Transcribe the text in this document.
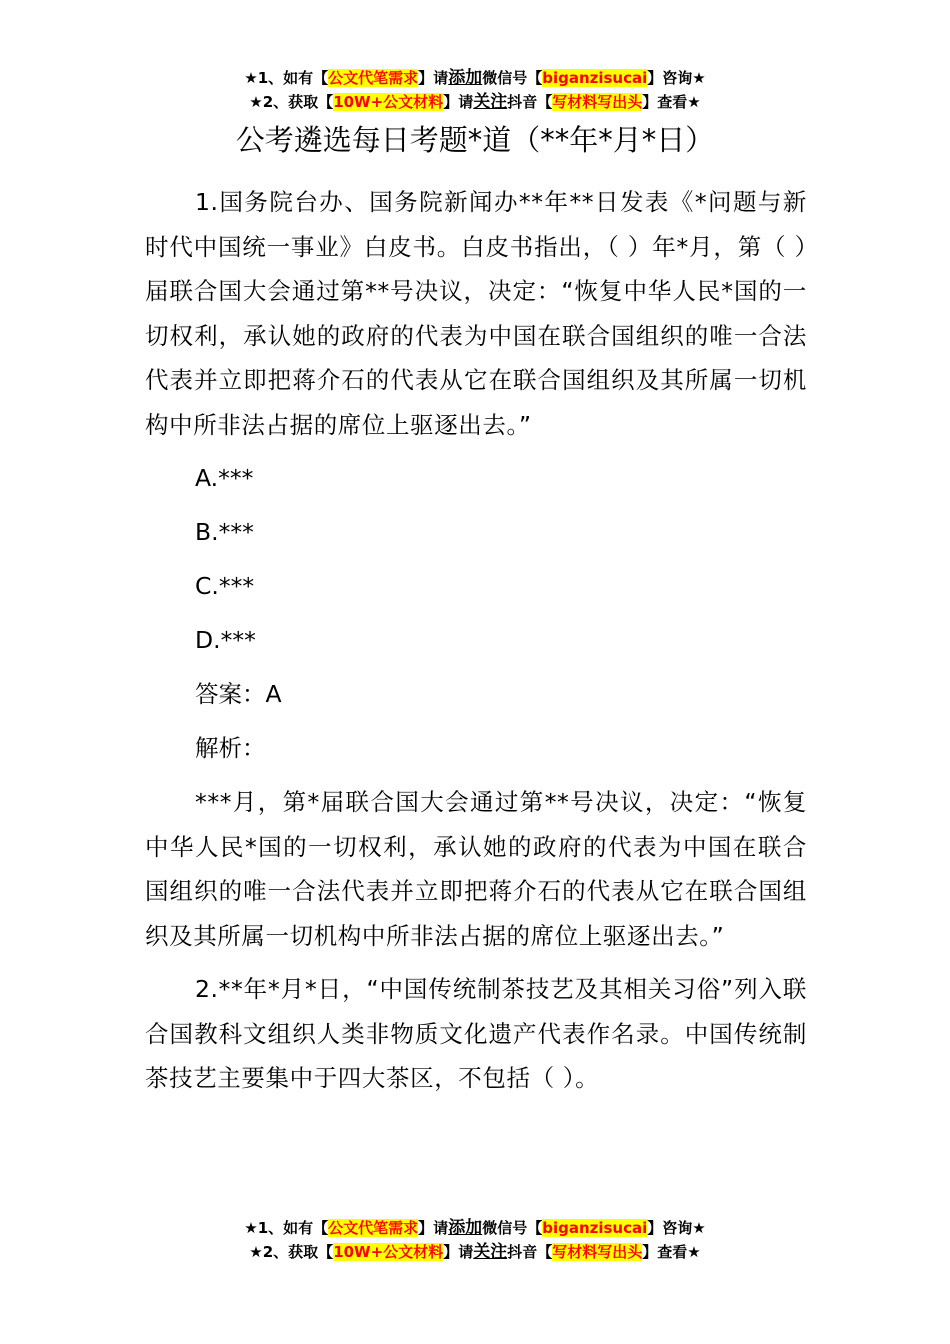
★1、如有【公文代笔需求】请添加微信号【biganzisucai】咨询★
★2、获取【10W+公文材料】请关注抖音【写材料写出头】查看★
公考遴选每日考题*道（**年*月*日）

1.国务院台办、国务院新闻办**年**日发表《*问题与新时代中国统一事业》白皮书。白皮书指出，（ ）年*月，第（ ）届联合国大会通过第**号决议，决定：“恢复中华人民*国的一切权利，承认她的政府的代表为中国在联合国组织的唯一合法代表并立即把蒋介石的代表从它在联合国组织及其所属一切机构中所非法占据的席位上驱逐出去。”

A.***

B.***

C.***

D.***

答案：A

解析：

***月，第*届联合国大会通过第**号决议，决定：“恢复中华人民*国的一切权利，承认她的政府的代表为中国在联合国组织的唯一合法代表并立即把蒋介石的代表从它在联合国组织及其所属一切机构中所非法占据的席位上驱逐出去。”

2.**年*月*日，“中国传统制茶技艺及其相关习俗”列入联合国教科文组织人类非物质文化遗产代表作名录。中国传统制茶技艺主要集中于四大茶区，不包括（ ）。

★1、如有【公文代笔需求】请添加微信号【biganzisucai】咨询★
★2、获取【10W+公文材料】请关注抖音【写材料写出头】查看★
